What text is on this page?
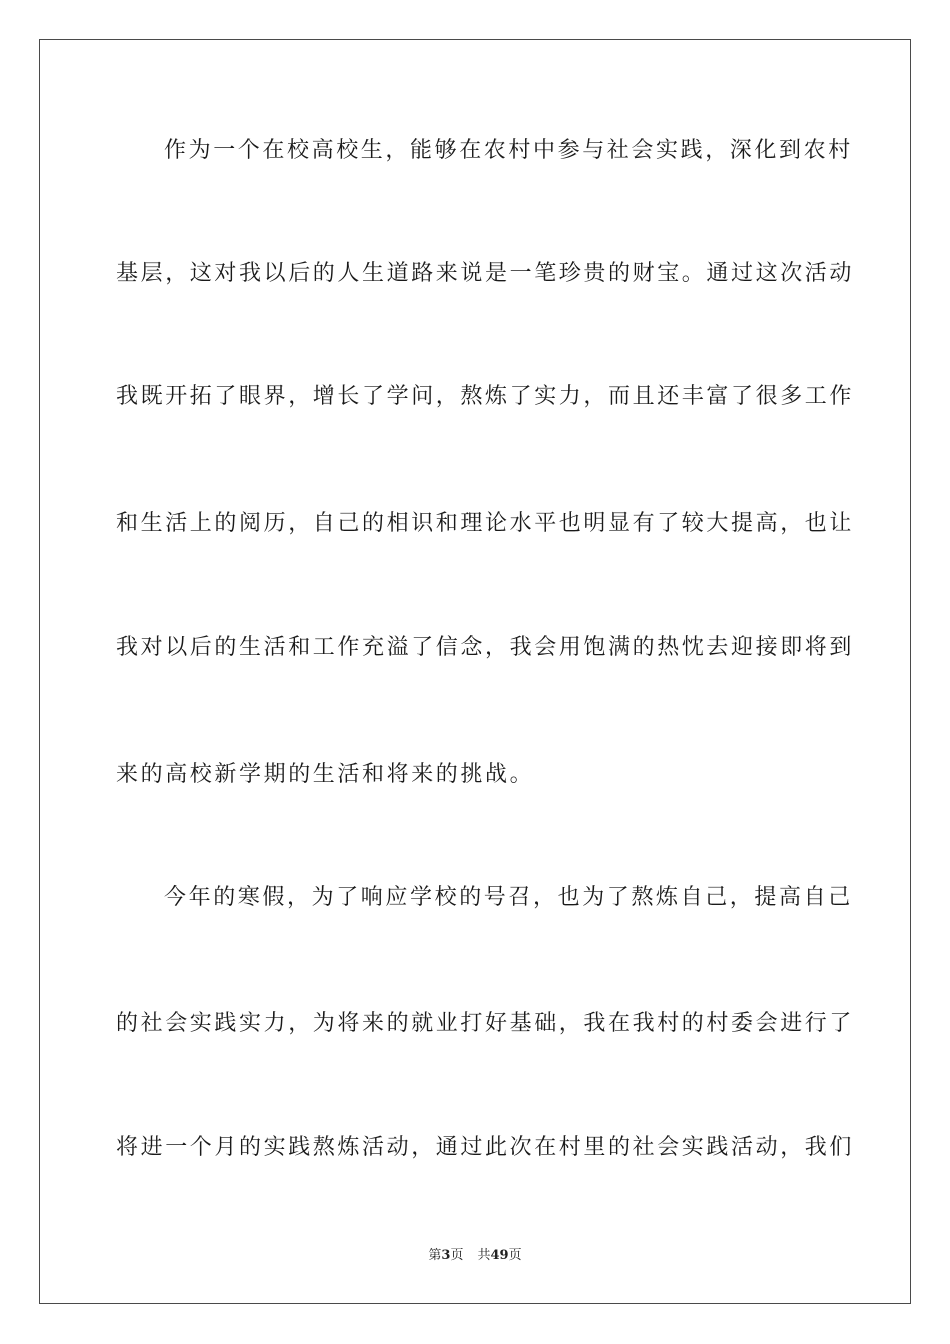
作为一个在校高校生，能够在农村中参与社会实践，深化到农村
基层，这对我以后的人生道路来说是一笔珍贵的财宝。通过这次活动
我既开拓了眼界，增长了学问，熬炼了实力，而且还丰富了很多工作
和生活上的阅历，自己的相识和理论水平也明显有了较大提高，也让
我对以后的生活和工作充溢了信念，我会用饱满的热忱去迎接即将到
来的高校新学期的生活和将来的挑战。
今年的寒假，为了响应学校的号召，也为了熬炼自己，提高自己
的社会实践实力，为将来的就业打好基础，我在我村的村委会进行了
将进一个月的实践熬炼活动，通过此次在村里的社会实践活动，我们
第3页 共49页
